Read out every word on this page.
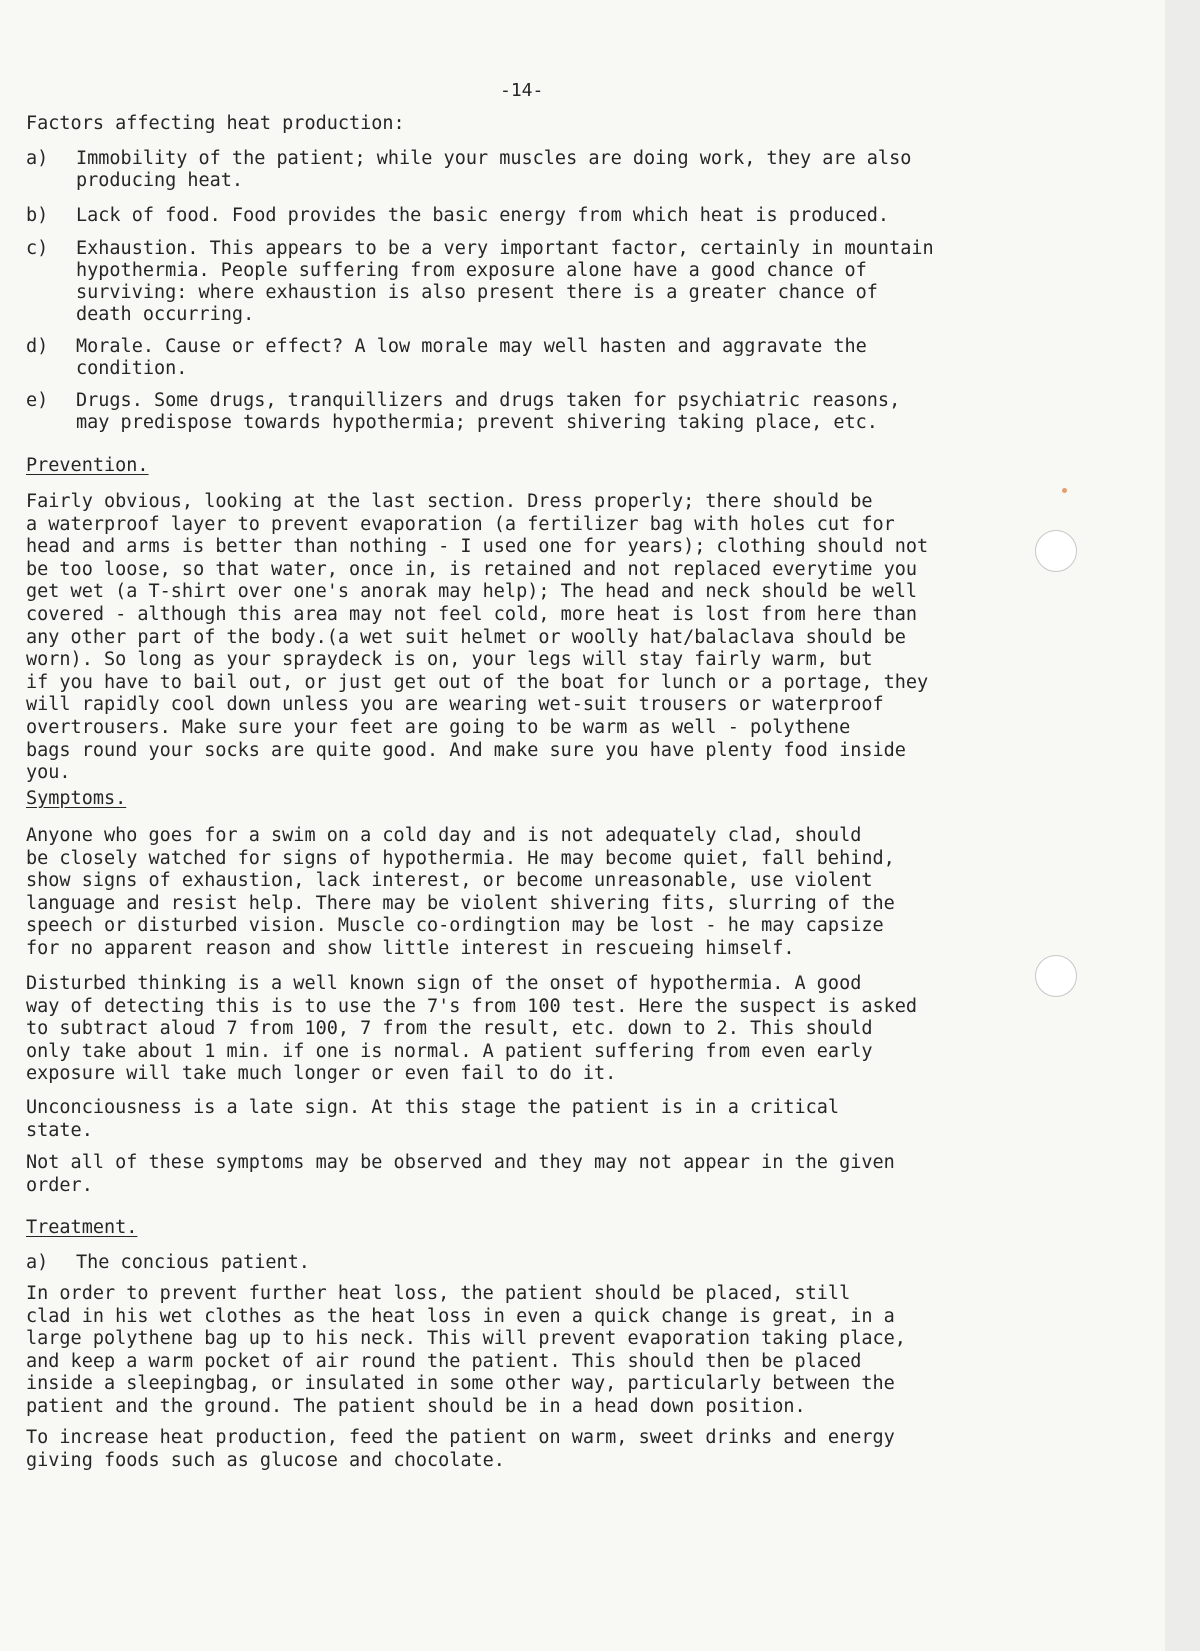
-14-
Factors affecting heat production:
a) Immobility of the patient; while your muscles are doing work, they are also
producing heat.
b) Lack of food. Food provides the basic energy from which heat is produced.
c) Exhaustion. This appears to be a very important factor, certainly in mountain
hypothermia. People suffering from exposure alone have a good chance of
surviving: where exhaustion is also present there is a greater chance of
death occurring.
d) Morale. Cause or effect? A low morale may well hasten and aggravate the
condition.
e) Drugs. Some drugs, tranquillizers and drugs taken for psychiatric reasons,
may predispose towards hypothermia; prevent shivering taking place, etc.
Prevention.
Fairly obvious, looking at the last section. Dress properly; there should be
a waterproof layer to prevent evaporation (a fertilizer bag with holes cut for
head and arms is better than nothing - I used one for years); clothing should not
be too loose, so that water, once in, is retained and not replaced everytime you
get wet (a T-shirt over one's anorak may help); The head and neck should be well
covered - although this area may not feel cold, more heat is lost from here than
any other part of the body.(a wet suit helmet or woolly hat/balaclava should be
worn). So long as your spraydeck is on, your legs will stay fairly warm, but
if you have to bail out, or just get out of the boat for lunch or a portage, they
will rapidly cool down unless you are wearing wet-suit trousers or waterproof
overtrousers. Make sure your feet are going to be warm as well - polythene
bags round your socks are quite good. And make sure you have plenty food inside
you.
Symptoms.
Anyone who goes for a swim on a cold day and is not adequately clad, should
be closely watched for signs of hypothermia. He may become quiet, fall behind,
show signs of exhaustion, lack interest, or become unreasonable, use violent
language and resist help. There may be violent shivering fits, slurring of the
speech or disturbed vision. Muscle co-ordingtion may be lost - he may capsize
for no apparent reason and show little interest in rescueing himself.
Disturbed thinking is a well known sign of the onset of hypothermia. A good
way of detecting this is to use the 7's from 100 test. Here the suspect is asked
to subtract aloud 7 from 100, 7 from the result, etc. down to 2. This should
only take about 1 min. if one is normal. A patient suffering from even early
exposure will take much longer or even fail to do it.
Unconciousness is a late sign. At this stage the patient is in a critical
state.
Not all of these symptoms may be observed and they may not appear in the given
order.
Treatment.
a) The concious patient.
In order to prevent further heat loss, the patient should be placed, still
clad in his wet clothes as the heat loss in even a quick change is great, in a
large polythene bag up to his neck. This will prevent evaporation taking place,
and keep a warm pocket of air round the patient. This should then be placed
inside a sleepingbag, or insulated in some other way, particularly between the
patient and the ground. The patient should be in a head down position.
To increase heat production, feed the patient on warm, sweet drinks and energy
giving foods such as glucose and chocolate.
